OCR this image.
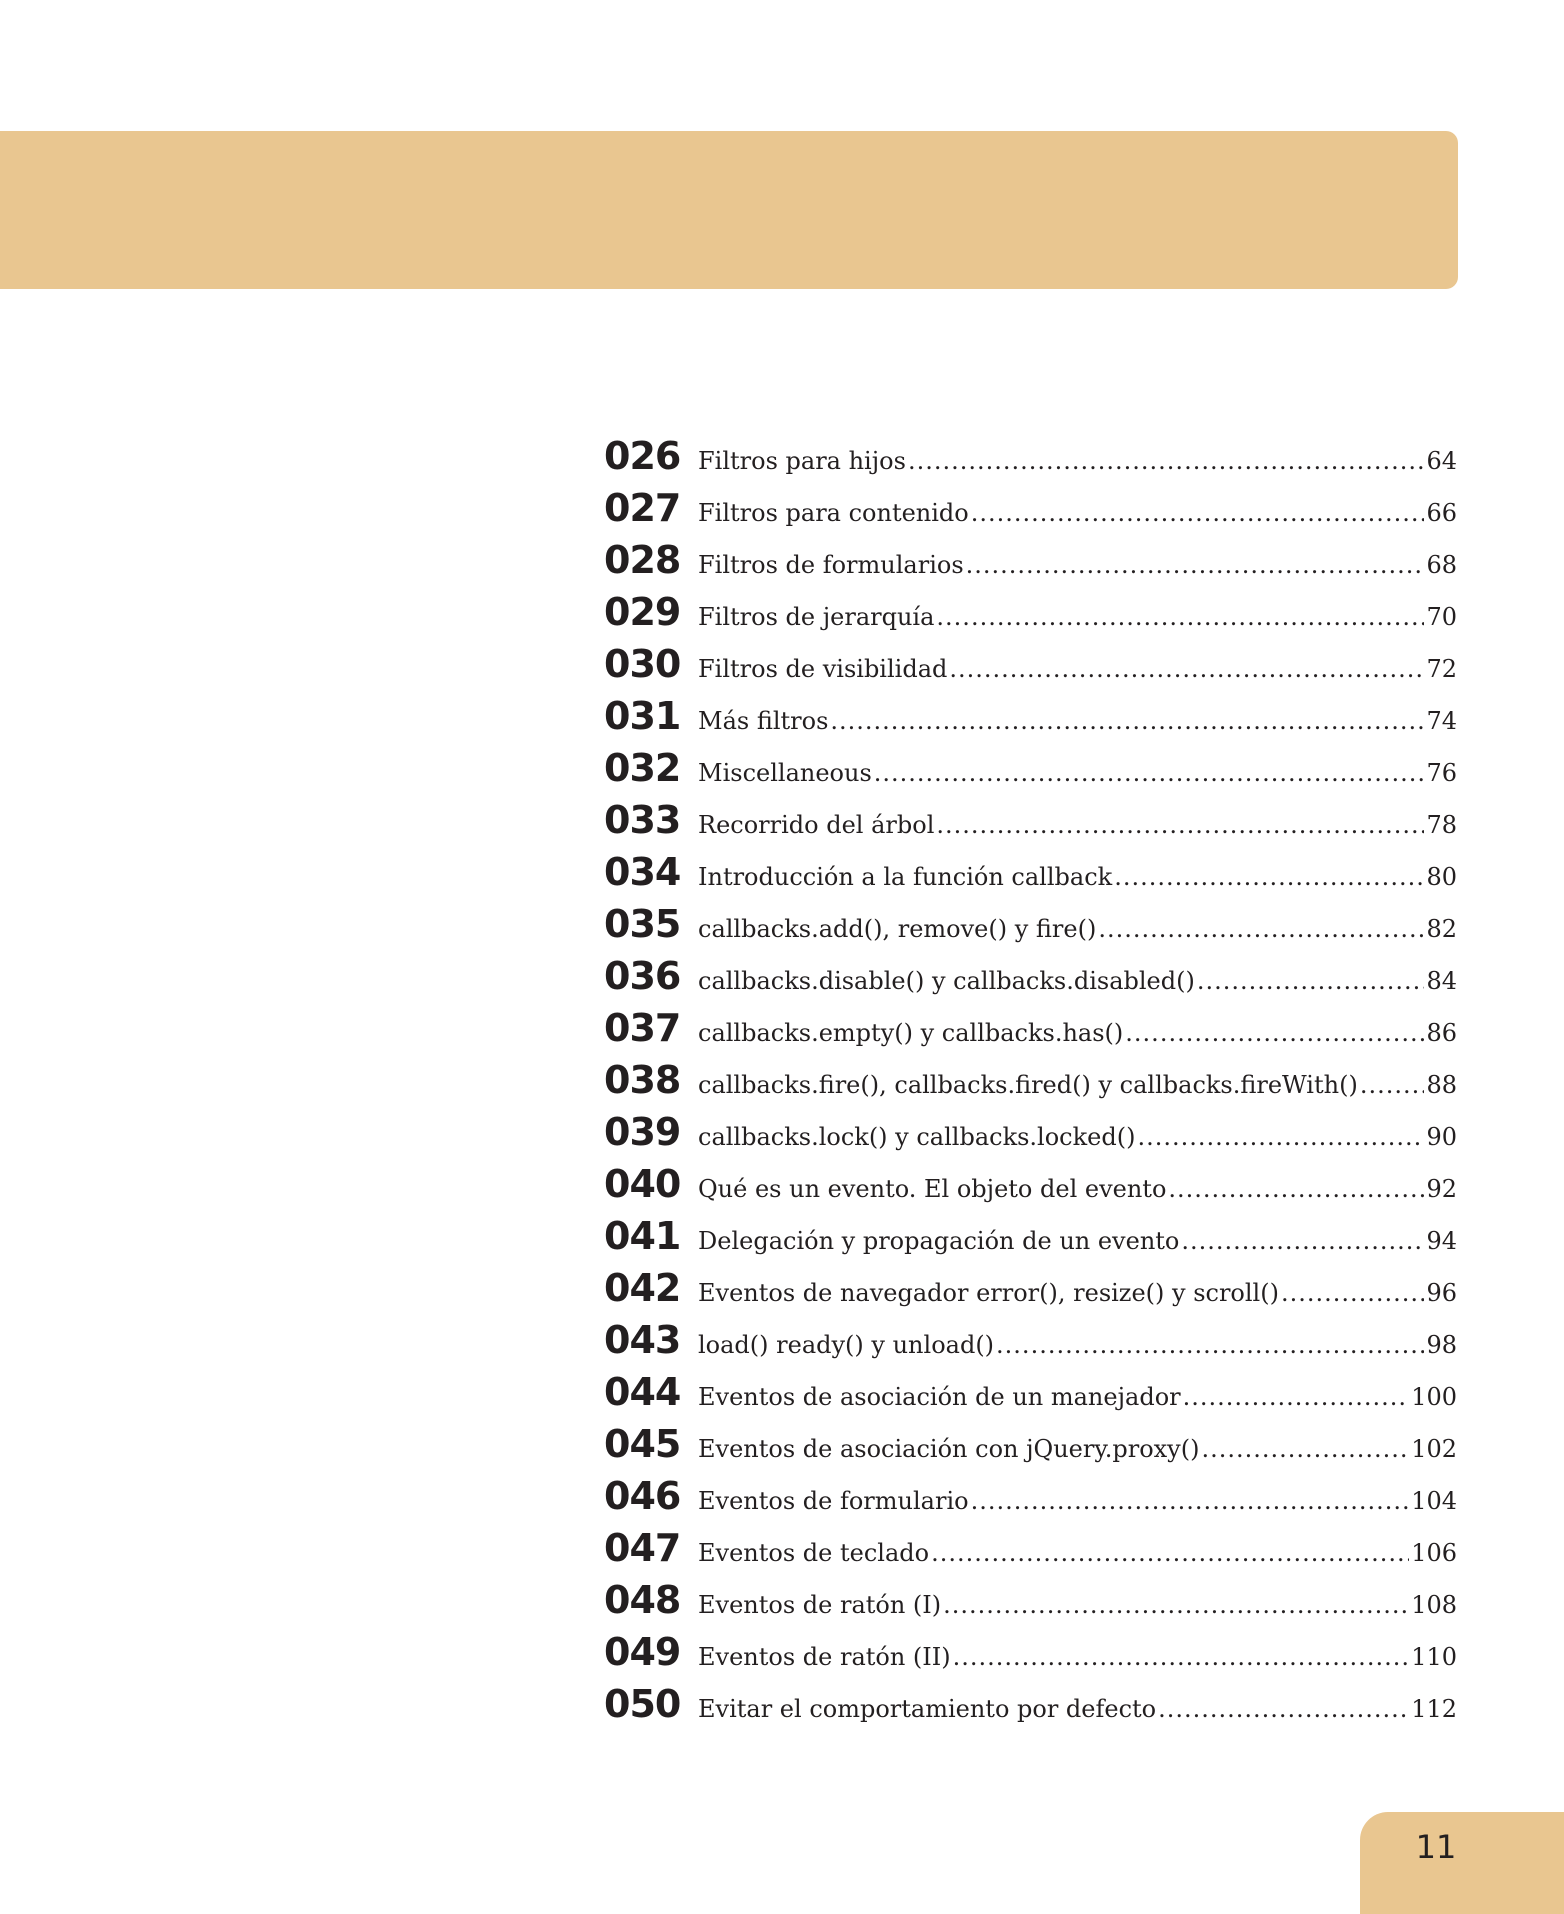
026 Filtros para hijos .....	64
027 Filtros para contenido .....	66
028 Filtros de formularios .....	68
029 Filtros de jerarquía .....	70
030 Filtros de visibilidad .....	72
031 Más filtros .....	74
032 Miscellaneous .....	76
033 Recorrido del árbol .....	78
034 Introducción a la función callback .....	80
035 callbacks.add(), remove() y fire() .....	82
036 callbacks.disable() y callbacks.disabled() .....	84
037 callbacks.empty() y callbacks.has() .....	86
038 callbacks.fire(), callbacks.fired() y callbacks.fireWith() .....	88
039 callbacks.lock() y callbacks.locked() .....	90
040 Qué es un evento. El objeto del evento .....	92
041 Delegación y propagación de un evento .....	94
042 Eventos de navegador error(), resize() y scroll() .....	96
043 load() ready() y unload() .....	98
044 Eventos de asociación de un manejador .....	100
045 Eventos de asociación con jQuery.proxy() .....	102
046 Eventos de formulario .....	104
047 Eventos de teclado .....	106
048 Eventos de ratón (I) .....	108
049 Eventos de ratón (II) .....	110
050 Evitar el comportamiento por defecto .....	112
11
